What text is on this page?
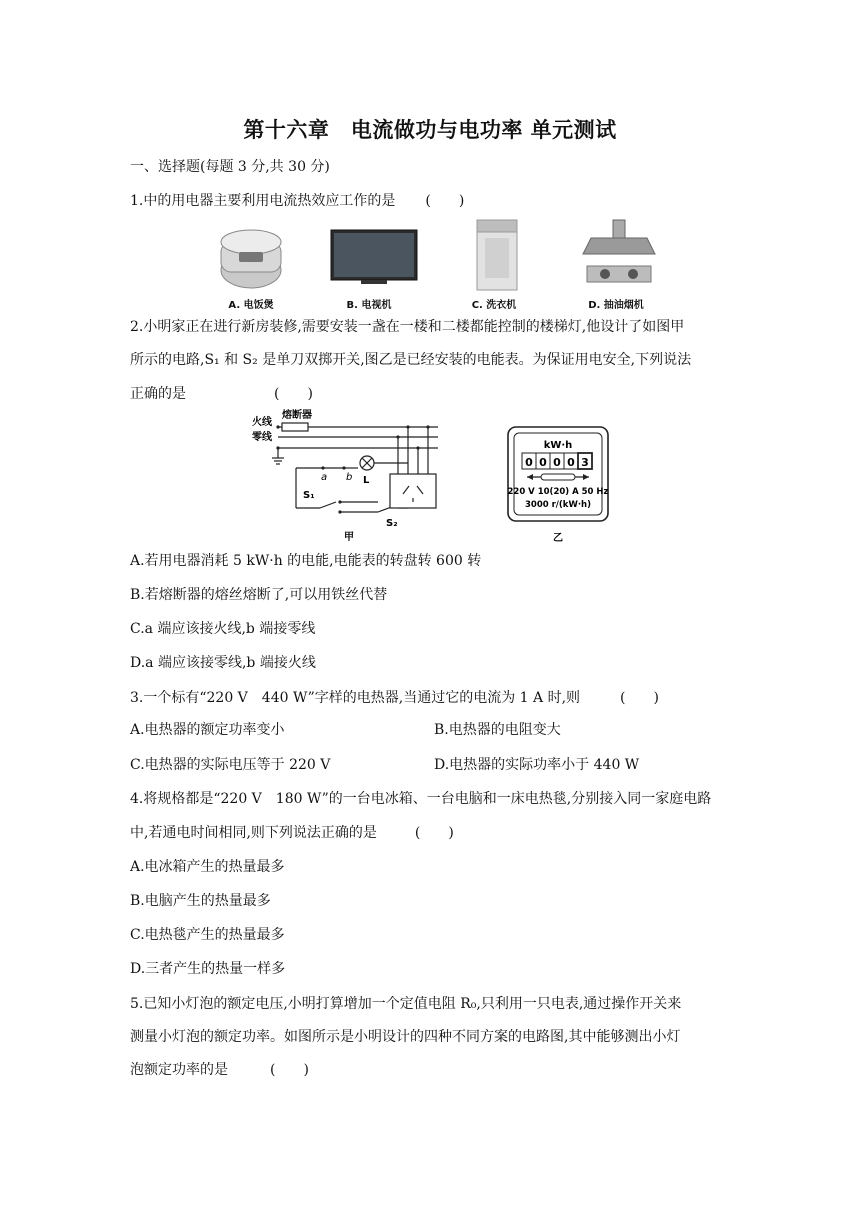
第十六章　电流做功与电功率 单元测试
一、选择题(每题 3 分,共 30 分)
1.中的用电器主要利用电流热效应工作的是 (　　)
A. 电饭煲	B. 电视机	C. 洗衣机	D. 抽油烟机
2.小明家正在进行新房装修,需要安装一盏在一楼和二楼都能控制的楼梯灯,他设计了如图甲
所示的电路,S₁ 和 S₂ 是单刀双掷开关,图乙是已经安装的电能表。为保证用电安全,下列说法
正确的是	(　　)
火线
零线
熔断器
a b L
S₁
S₂
甲
kW·h
0 0 0 0 3
220 V 10(20) A 50 Hz
3000 r/(kW·h)
乙
A.若用电器消耗 5 kW·h 的电能,电能表的转盘转 600 转
B.若熔断器的熔丝熔断了,可以用铁丝代替
C.a 端应该接火线,b 端接零线
D.a 端应该接零线,b 端接火线
3.一个标有“220 V　440 W”字样的电热器,当通过它的电流为 1 A 时,则	(　　)
A.电热器的额定功率变小	B.电热器的电阻变大
C.电热器的实际电压等于 220 V	D.电热器的实际功率小于 440 W
4.将规格都是“220 V　180 W”的一台电冰箱、一台电脑和一床电热毯,分别接入同一家庭电路
中,若通电时间相同,则下列说法正确的是	(　　)
A.电冰箱产生的热量最多
B.电脑产生的热量最多
C.电热毯产生的热量最多
D.三者产生的热量一样多
5.已知小灯泡的额定电压,小明打算增加一个定值电阻 R₀,只利用一只电表,通过操作开关来
测量小灯泡的额定功率。如图所示是小明设计的四种不同方案的电路图,其中能够测出小灯
泡额定功率的是	(　　)
